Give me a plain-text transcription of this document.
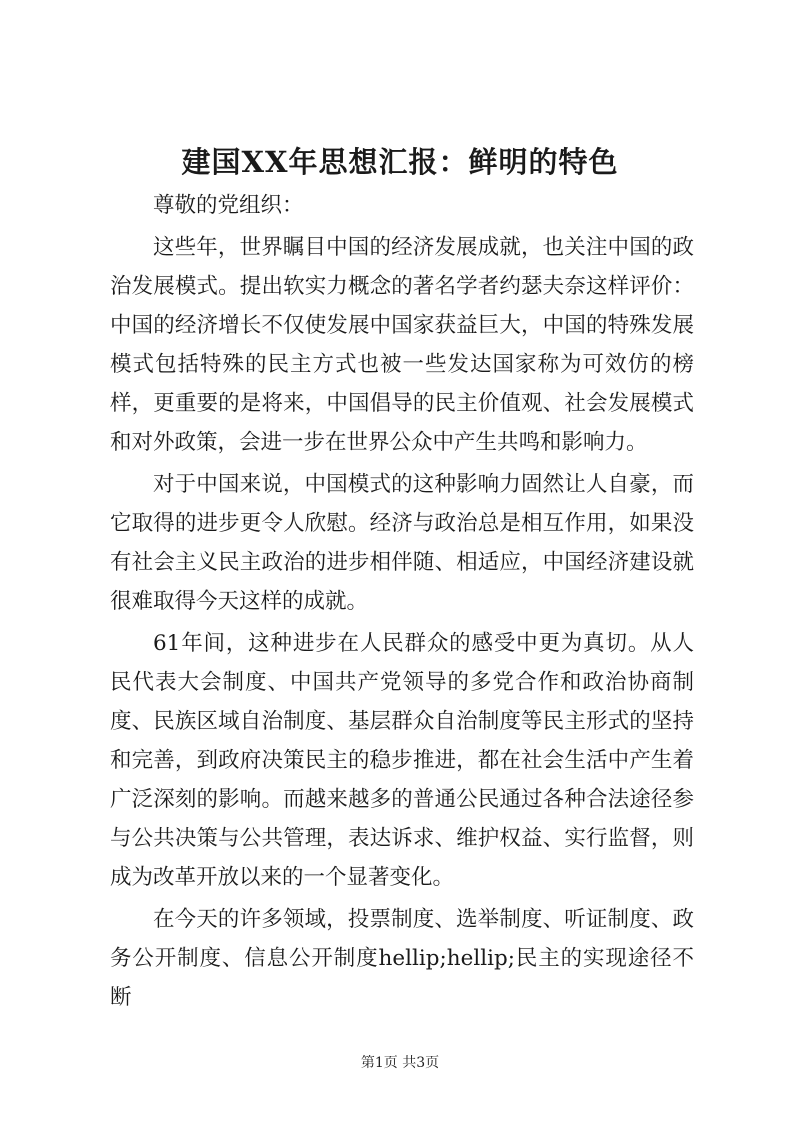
建国XX年思想汇报：鲜明的特色

尊敬的党组织：

这些年，世界瞩目中国的经济发展成就，也关注中国的政治发展模式。提出软实力概念的著名学者约瑟夫奈这样评价：中国的经济增长不仅使发展中国家获益巨大，中国的特殊发展模式包括特殊的民主方式也被一些发达国家称为可效仿的榜样，更重要的是将来，中国倡导的民主价值观、社会发展模式和对外政策，会进一步在世界公众中产生共鸣和影响力。

对于中国来说，中国模式的这种影响力固然让人自豪，而它取得的进步更令人欣慰。经济与政治总是相互作用，如果没有社会主义民主政治的进步相伴随、相适应，中国经济建设就很难取得今天这样的成就。

61年间，这种进步在人民群众的感受中更为真切。从人民代表大会制度、中国共产党领导的多党合作和政治协商制度、民族区域自治制度、基层群众自治制度等民主形式的坚持和完善，到政府决策民主的稳步推进，都在社会生活中产生着广泛深刻的影响。而越来越多的普通公民通过各种合法途径参与公共决策与公共管理，表达诉求、维护权益、实行监督，则成为改革开放以来的一个显著变化。

在今天的许多领域，投票制度、选举制度、听证制度、政务公开制度、信息公开制度hellip;hellip;民主的实现途径不断

第1页 共3页
